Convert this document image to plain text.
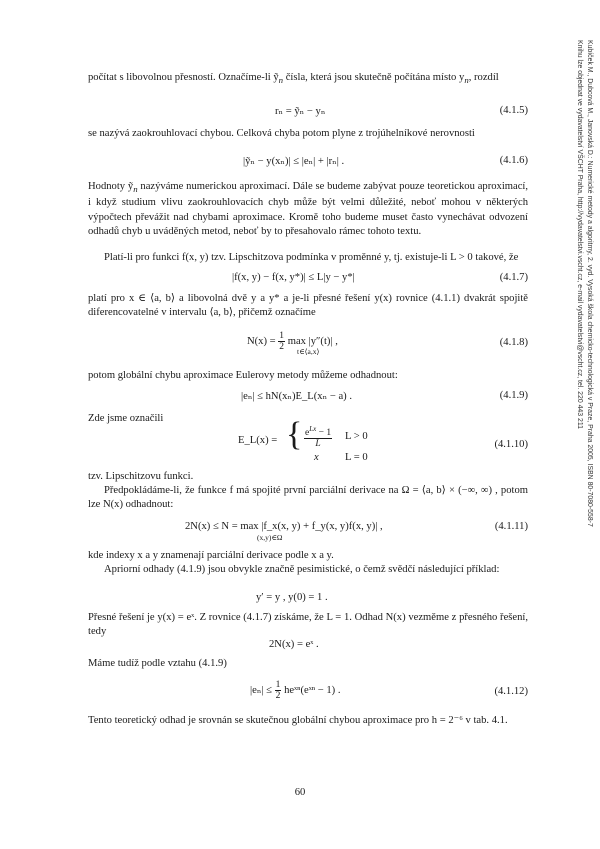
Kubíček M., Dubcová M., Janovská D.: Numerické metody a algoritmy, 2. vyd. Vysoká škola chemicko-technologická v Praze, Praha 2005, ISBN 80-7080-558-7
Knihu lze objednat ve vydavatelství VŠCHT Praha, http://vydavatelstvi.vscht.cz, e-mail vydavatelstvi@vscht.cz, tel. 220 443 211
počítat s libovolnou přesností. Označíme-li ỹ$_n$ čísla, která jsou skutečně počítána místo $y_n$, rozdíl
rₙ = ỹₙ − yₙ	(4.1.5)
se nazývá zaokrouhlovací chybou. Celková chyba potom plyne z trojúhelníkové nerovnosti
|ỹₙ − y(xₙ)| ≤ |eₙ| + |rₙ| .	(4.1.6)
Hodnoty ỹ$_n$ nazýváme numerickou aproximací. Dále se budeme zabývat pouze teoretickou aproximací, i když studium vlivu zaokrouhlovacích chyb může být velmi důležité, neboť mohou v některých výpočtech převážit nad chybami aproximace. Kromě toho budeme muset často vynechávat odvození odhadů chyb u uváděných metod, neboť by to přesahovalo rámec tohoto textu.
Platí-li pro funkci f(x, y) tzv. Lipschitzova podmínka v proměnné y, tj. existuje-li L > 0 takové, že
|f(x, y) − f(x, y*)| ≤ L|y − y*|	(4.1.7)
platí pro x ∈ ⟨a, b⟩ a libovolná dvě y a y* a je-li přesné řešení y(x) rovnice (4.1.1) dvakrát spojitě diferencovatelné v intervalu ⟨a, b⟩, přičemž označíme
$N(x) = \frac{1}{2}$ max |y″(t)| ,
t∈⟨a,x⟩
(4.1.8)
potom globální chybu aproximace Eulerovy metody můžeme odhadnout:
|eₙ| ≤ hN(xₙ)E_L(xₙ − a) .	(4.1.9)
Zde jsme označili
E_L(x) = { $\frac{e^{Lx} - 1}{L}$ L > 0
x L = 0
(4.1.10)
tzv. Lipschitzovu funkci.
Předpokládáme-li, že funkce f má spojité první parciální derivace na Ω = ⟨a, b⟩ × (−∞, ∞) , potom lze N(x) odhadnout:
2N(x) ≤ N = max |f_x(x, y) + f_y(x, y)f(x, y)| ,
(x,y)∈Ω
(4.1.11)
kde indexy x a y znamenají parciální derivace podle x a y.
Apriorní odhady (4.1.9) jsou obvykle značně pesimistické, o čemž svědčí následující příklad:
y′ = y , y(0) = 1 .
Přesné řešení je y(x) = eˣ. Z rovnice (4.1.7) získáme, že L = 1. Odhad N(x) vezměme z přesného řešení, tedy
2N(x) = eˣ .
Máme tudíž podle vztahu (4.1.9)
$|e_n| \le \frac{1}{2}$ heˣⁿ(eˣⁿ − 1) .	(4.1.12)
Tento teoretický odhad je srovnán se skutečnou globální chybou aproximace pro h = 2⁻⁶ v tab. 4.1.
60
